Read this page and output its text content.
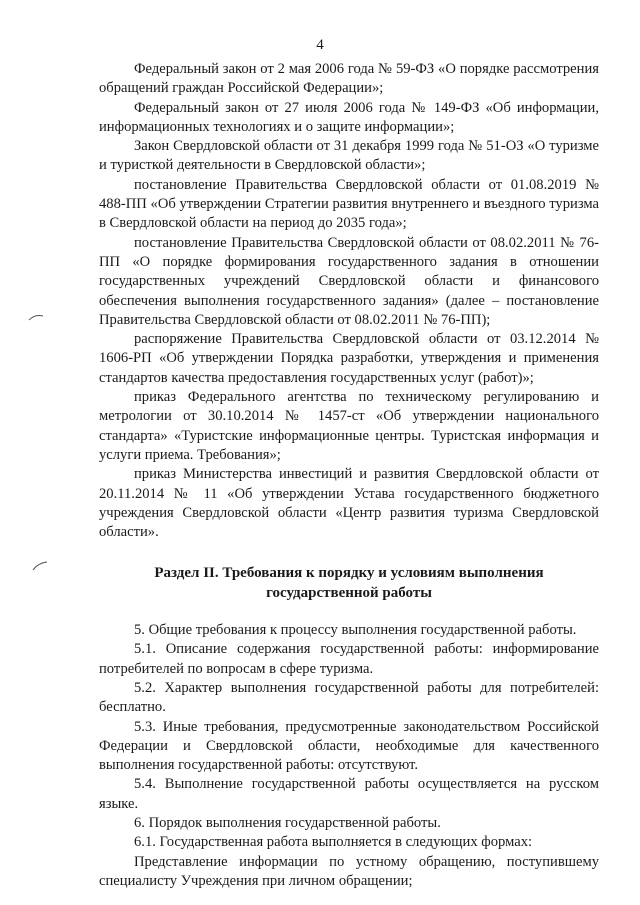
4

Федеральный закон от 2 мая 2006 года № 59-ФЗ «О порядке рассмотрения обращений граждан Российской Федерации»;

Федеральный закон от 27 июля 2006 года № 149-ФЗ «Об информации, информационных технологиях и о защите информации»;

Закон Свердловской области от 31 декабря 1999 года № 51-ОЗ «О туризме и туристкой деятельности в Свердловской области»;

постановление Правительства Свердловской области от 01.08.2019 № 488-ПП «Об утверждении Стратегии развития внутреннего и въездного туризма в Свердловской области на период до 2035 года»;

постановление Правительства Свердловской области от 08.02.2011 № 76-ПП «О порядке формирования государственного задания в отношении государственных учреждений Свердловской области и финансового обеспечения выполнения государственного задания» (далее – постановление Правительства Свердловской области от 08.02.2011 № 76-ПП);

распоряжение Правительства Свердловской области от 03.12.2014 № 1606-РП «Об утверждении Порядка разработки, утверждения и применения стандартов качества предоставления государственных услуг (работ)»;

приказ Федерального агентства по техническому регулированию и метрологии от 30.10.2014 № 1457-ст «Об утверждении национального стандарта» «Туристские информационные центры. Туристская информация и услуги приема. Требования»;

приказ Министерства инвестиций и развития Свердловской области от 20.11.2014 № 11 «Об утверждении Устава государственного бюджетного учреждения Свердловской области «Центр развития туризма Свердловской области».

Раздел II. Требования к порядку и условиям выполнения
государственной работы

5. Общие требования к процессу выполнения государственной работы.

5.1. Описание содержания государственной работы: информирование потребителей по вопросам в сфере туризма.

5.2. Характер выполнения государственной работы для потребителей: бесплатно.

5.3. Иные требования, предусмотренные законодательством Российской Федерации и Свердловской области, необходимые для качественного выполнения государственной работы: отсутствуют.

5.4. Выполнение государственной работы осуществляется на русском языке.

6. Порядок выполнения государственной работы.

6.1. Государственная работа выполняется в следующих формах:

Представление информации по устному обращению, поступившему специалисту Учреждения при личном обращении;
